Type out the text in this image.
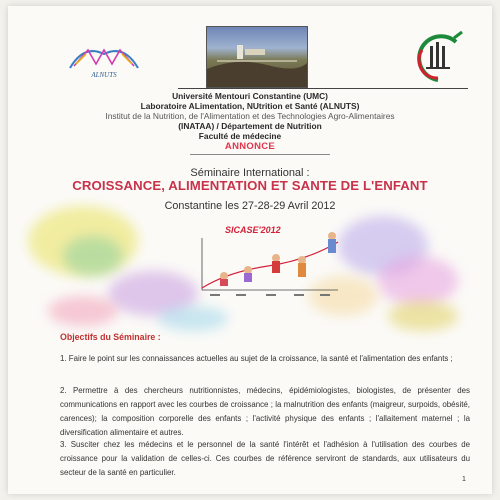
ALNUTS
Université Mentouri Constantine (UMC)
Laboratoire ALimentation, NUtrition et Santé (ALNUTS)
Institut de la Nutrition, de l'Alimentation et des Technologies Agro-Alimentaires
(INATAA) / Département de Nutrition
Faculté de médecine
ANNONCE
Séminaire International :
CROISSANCE, ALIMENTATION ET SANTE DE L'ENFANT
Constantine les 27-28-29 Avril 2012
SICASE'2012
Objectifs du Séminaire :
1. Faire le point sur les connaissances actuelles au sujet de la croissance, la santé et l'alimentation des enfants ;
2. Permettre à des chercheurs nutritionnistes, médecins, épidémiologistes, biologistes, de présenter des communications en rapport avec les courbes de croissance ; la malnutrition des enfants (maigreur, surpoids, obésité, carences); la composition corporelle des enfants ; l'activité physique des enfants ; l'allaitement maternel ; la diversification alimentaire et autres.
3. Susciter chez les médecins et le personnel de la santé l'intérêt et l'adhésion à l'utilisation des courbes de croissance pour la validation de celles-ci. Ces courbes de référence serviront de standards, aux utilisateurs du secteur de la santé en particulier.
1
